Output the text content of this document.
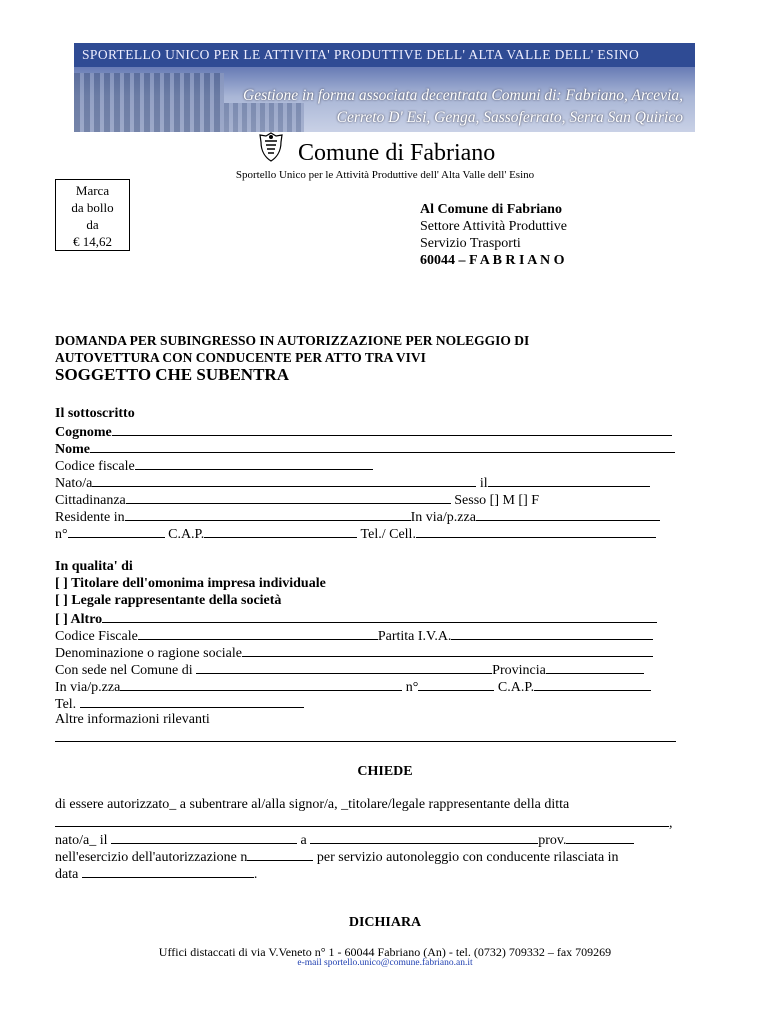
SPORTELLO UNICO PER LE ATTIVITA' PRODUTTIVE DELL' ALTA VALLE DELL' ESINO
Gestione in forma associata decentrata Comuni di: Fabriano, Arcevia,
Cerreto D' Esi, Genga, Sassoferrato, Serra San Quirico
Comune di Fabriano
Sportello Unico per le Attività Produttive dell' Alta Valle dell' Esino
Marca
da bollo
da
€ 14,62
Al Comune di Fabriano
Settore Attività Produttive
Servizio Trasporti
60044 – F A B R I A N O
DOMANDA PER SUBINGRESSO IN AUTORIZZAZIONE PER NOLEGGIO DI
AUTOVETTURA CON CONDUCENTE PER ATTO TRA VIVI
SOGGETTO CHE SUBENTRA
Il sottoscritto
Cognome
Nome
Codice fiscale
Nato/a	il
Cittadinanza	Sesso [] M [] F
Residente in	In via/p.zza
n°	C.A.P.	Tel./ Cell.
In qualita' di
[ ] Titolare dell'omonima impresa individuale
[ ] Legale rappresentante della società
[ ] Altro
Codice Fiscale	Partita I.V.A.
Denominazione o ragione sociale
Con sede nel Comune di	Provincia
In via/p.zza	n°	C.A.P.
Tel.
Altre informazioni rilevanti
CHIEDE
di essere autorizzato_ a subentrare al/alla signor/a, _titolare/legale rappresentante della ditta
,
nato/a_ il	a	prov.
nell'esercizio dell'autorizzazione n	per servizio autonoleggio con conducente rilasciata in
data	.
DICHIARA
Uffici distaccati di via V.Veneto n° 1 - 60044 Fabriano (An) - tel. (0732) 709332 – fax 709269
e-mail sportello.unico@comune.fabriano.an.it
